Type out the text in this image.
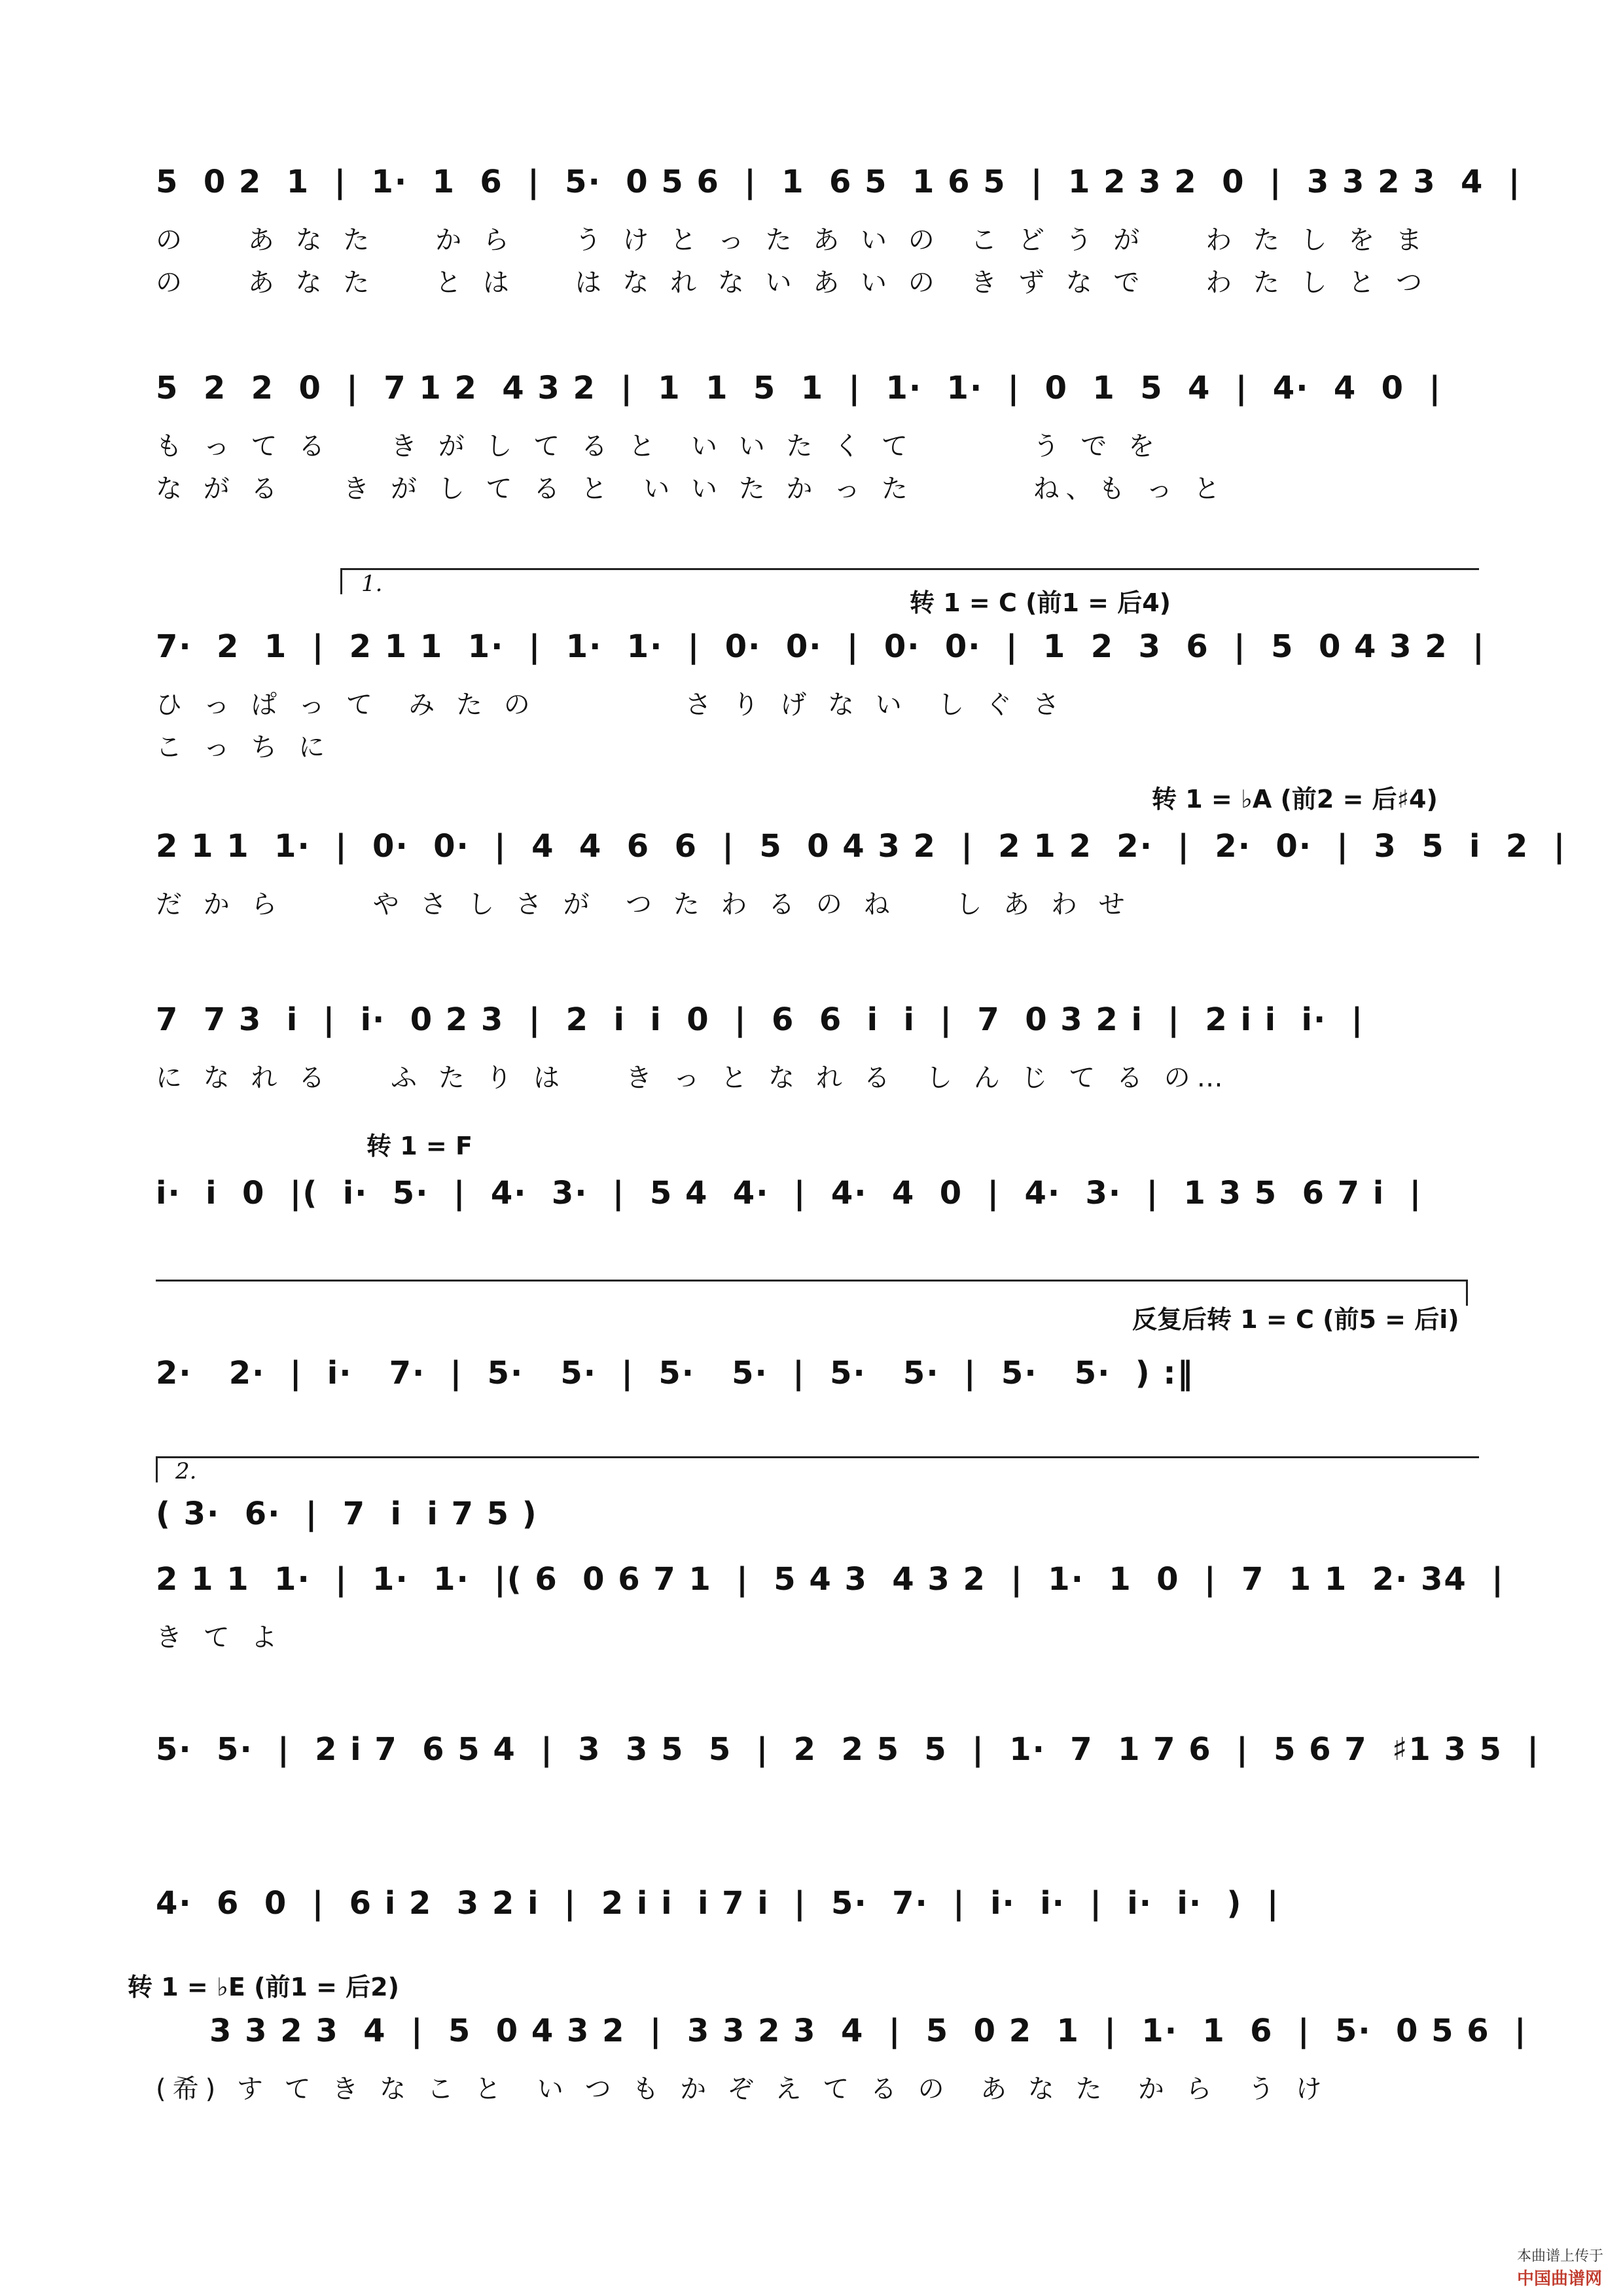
5  0 2  1  |  1·  1  6  |  5·  0 5 6  |  1  6 5  1 6 5  |  1 2 3 2  0  |  3 3 2 3  4  |
の    あ な た    か ら    う け と っ た あ い の  こ ど う が    わ た し を ま
の    あ な た    と は    は な れ な い あ い の  き ず な で    わ た し と つ
5  2  2  0  |  7 1 2  4 3 2  |  1  1  5  1  |  1·  1·  |  0  1  5  4  |  4·  4  0  |
も っ て る    き が し て る と  い い た く て        う で を
な が る    き が し て る と  い い た か っ た        ね、も っ と
1.
转 1 = C (前1 = 后4)
7·  2  1  |  2 1 1  1·  |  1·  1·  |  0·  0·  |  0·  0·  |  1  2  3  6  |  5  0 4 3 2  |
ひ っ ぱ っ て  み た の          さ り げ な い  し ぐ さ
こ っ ち に
转 1 = ♭A (前2 = 后♯4)
2 1 1  1·  |  0·  0·  |  4  4  6  6  |  5  0 4 3 2  |  2 1 2  2·  |  2·  0·  |  3  5  i  2  |
だ か ら      や さ し さ が  つ た わ る の ね    し あ わ せ
7  7 3  i  |  i·  0 2 3  |  2  i  i  0  |  6  6  i  i  |  7  0 3 2 i  |  2 i i  i·  |
に な れ る    ふ た り は    き っ と な れ る  し ん じ て る の…
转 1 = F
i·  i  0  |(  i·  5·  |  4·  3·  |  5 4  4·  |  4·  4  0  |  4·  3·  |  1 3 5  6 7 i  |
反复后转 1 = C (前5 = 后i)
2·   2·  |  i·   7·  |  5·   5·  |  5·   5·  |  5·   5·  |  5·   5·  ) :‖
2.
( 3·  6·  |  7  i  i 7 5 )
2 1 1  1·  |  1·  1·  |( 6  0 6 7 1  |  5 4 3  4 3 2  |  1·  1  0  |  7  1 1  2· 34  |
き て よ
5·  5·  |  2 i 7  6 5 4  |  3  3 5  5  |  2  2 5  5  |  1·  7  1 7 6  |  5 6 7  ♯1 3 5  |
4·  6  0  |  6 i 2  3 2 i  |  2 i i  i 7 i  |  5·  7·  |  i·  i·  |  i·  i·  )  |
转 1 = ♭E (前1 = 后2)
3 3 2 3  4  |  5  0 4 3 2  |  3 3 2 3  4  |  5  0 2  1  |  1·  1  6  |  5·  0 5 6  |
(希) す て き な こ と  い つ も か ぞ え て る の  あ な た  か ら  う け

本曲谱上传于
中国曲谱网
